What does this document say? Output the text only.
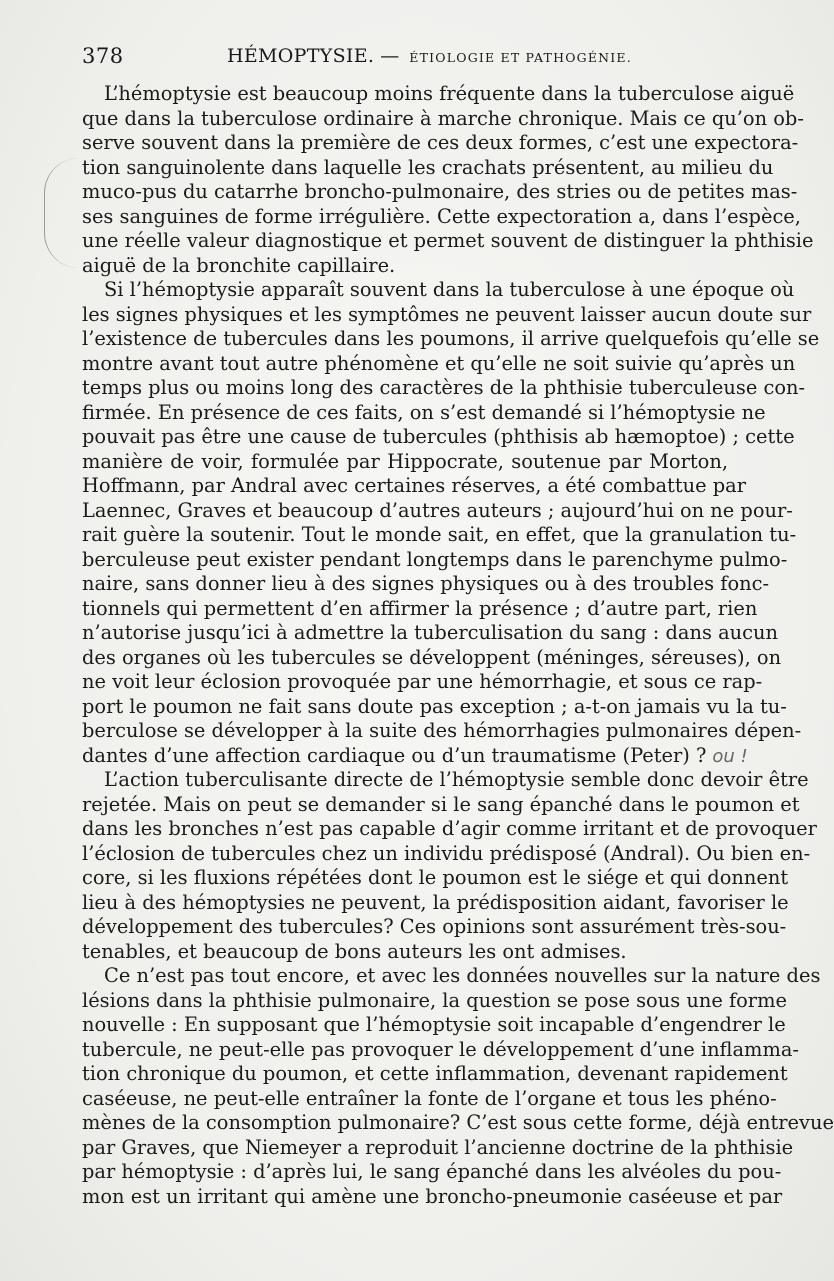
378	HÉMOPTYSIE. — ÉTIOLOGIE ET PATHOGÉNIE.
L’hémoptysie est beaucoup moins fréquente dans la tuberculose aiguë
que dans la tuberculose ordinaire à marche chronique. Mais ce qu’on ob-
serve souvent dans la première de ces deux formes, c’est une expectora-
tion sanguinolente dans laquelle les crachats présentent, au milieu du
muco-pus du catarrhe broncho-pulmonaire, des stries ou de petites mas-
ses sanguines de forme irrégulière. Cette expectoration a, dans l’espèce,
une réelle valeur diagnostique et permet souvent de distinguer la phthisie
aiguë de la bronchite capillaire.
Si l’hémoptysie apparaît souvent dans la tuberculose à une époque où
les signes physiques et les symptômes ne peuvent laisser aucun doute sur
l’existence de tubercules dans les poumons, il arrive quelquefois qu’elle se
montre avant tout autre phénomène et qu’elle ne soit suivie qu’après un
temps plus ou moins long des caractères de la phthisie tuberculeuse con-
firmée. En présence de ces faits, on s’est demandé si l’hémoptysie ne
pouvait pas être une cause de tubercules (phthisis ab hæmoptoe) ; cette
manière de voir, formulée par Hippocrate, soutenue par Morton,
Hoffmann, par Andral avec certaines réserves, a été combattue par
Laennec, Graves et beaucoup d’autres auteurs ; aujourd’hui on ne pour-
rait guère la soutenir. Tout le monde sait, en effet, que la granulation tu-
berculeuse peut exister pendant longtemps dans le parenchyme pulmo-
naire, sans donner lieu à des signes physiques ou à des troubles fonc-
tionnels qui permettent d’en affirmer la présence ; d’autre part, rien
n’autorise jusqu’ici à admettre la tuberculisation du sang : dans aucun
des organes où les tubercules se développent (méninges, séreuses), on
ne voit leur éclosion provoquée par une hémorrhagie, et sous ce rap-
port le poumon ne fait sans doute pas exception ; a-t-on jamais vu la tu-
berculose se développer à la suite des hémorrhagies pulmonaires dépen-
dantes d’une affection cardiaque ou d’un traumatisme (Peter) ? ou !
L’action tuberculisante directe de l’hémoptysie semble donc devoir être
rejetée. Mais on peut se demander si le sang épanché dans le poumon et
dans les bronches n’est pas capable d’agir comme irritant et de provoquer
l’éclosion de tubercules chez un individu prédisposé (Andral). Ou bien en-
core, si les fluxions répétées dont le poumon est le siége et qui donnent
lieu à des hémoptysies ne peuvent, la prédisposition aidant, favoriser le
développement des tubercules? Ces opinions sont assurément très-sou-
tenables, et beaucoup de bons auteurs les ont admises.
Ce n’est pas tout encore, et avec les données nouvelles sur la nature des
lésions dans la phthisie pulmonaire, la question se pose sous une forme
nouvelle : En supposant que l’hémoptysie soit incapable d’engendrer le
tubercule, ne peut-elle pas provoquer le développement d’une inflamma-
tion chronique du poumon, et cette inflammation, devenant rapidement
caséeuse, ne peut-elle entraîner la fonte de l’organe et tous les phéno-
mènes de la consomption pulmonaire? C’est sous cette forme, déjà entrevue
par Graves, que Niemeyer a reproduit l’ancienne doctrine de la phthisie
par hémoptysie : d’après lui, le sang épanché dans les alvéoles du pou-
mon est un irritant qui amène une broncho-pneumonie caséeuse et par
